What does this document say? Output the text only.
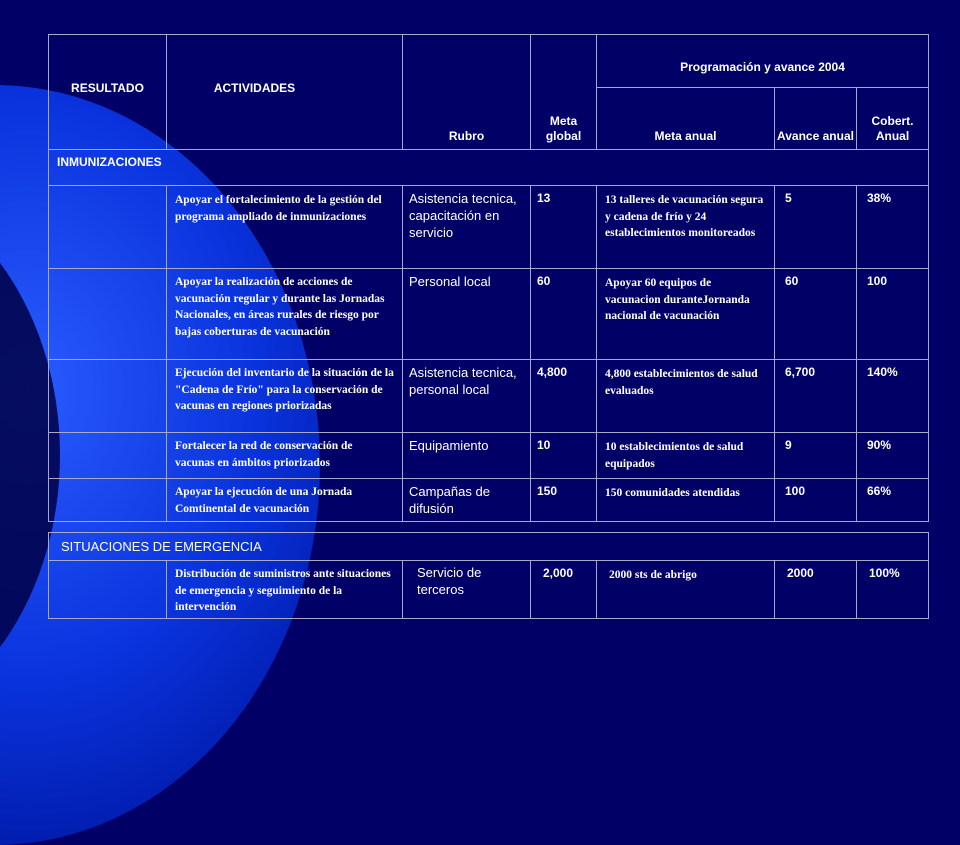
RESULTADO	ACTIVIDADES	Rubro	Meta global	Programación y avance 2004		
				Meta anual	Avance anual	Cobert. Anual
INMUNIZACIONES						
	Apoyar el fortalecimiento de la gestión del programa ampliado de inmunizaciones	Asistencia tecnica, capacitación en servicio	13	13 talleres de vacunación segura y cadena de frío y 24 establecimientos monitoreados	5	38%
	Apoyar la realización de acciones de vacunación regular y durante las Jornadas Nacionales, en áreas rurales de riesgo por bajas coberturas de vacunación	Personal local	60	Apoyar 60 equipos de vacunacion duranteJornanda nacional de vacunación	60	100
	Ejecución del inventario de la situación de la "Cadena de Frío" para la conservación de vacunas en regiones priorizadas	Asistencia tecnica, personal local	4,800	4,800 establecimientos de salud evaluados	6,700	140%
	Fortalecer la red de conservación de vacunas en ámbitos priorizados	Equipamiento	10	10 establecimientos de salud equipados	9	90%
	Apoyar la ejecución de una Jornada Comtinental de vacunación	Campañas de difusión	150	150 comunidades atendidas	100	66%
SITUACIONES DE EMERGENCIA
	Distribución de suministros ante situaciones de emergencia y seguimiento de la intervención	Servicio de terceros	2,000	2000 sts de abrigo	2000	100%
